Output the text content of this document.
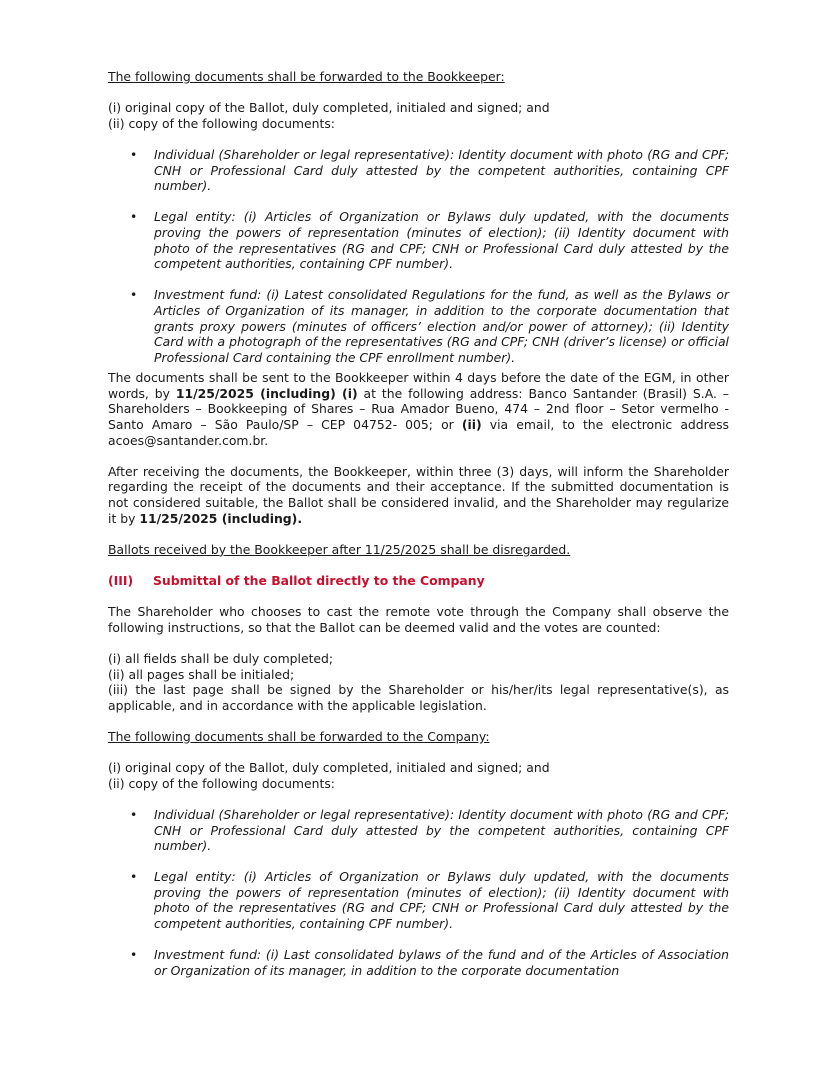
The following documents shall be forwarded to the Bookkeeper:
(i) original copy of the Ballot, duly completed, initialed and signed; and
(ii) copy of the following documents:
• Individual (Shareholder or legal representative): Identity document with photo (RG and CPF; CNH or Professional Card duly attested by the competent authorities, containing CPF number).
• Legal entity: (i) Articles of Organization or Bylaws duly updated, with the documents proving the powers of representation (minutes of election); (ii) Identity document with photo of the representatives (RG and CPF; CNH or Professional Card duly attested by the competent authorities, containing CPF number).
• Investment fund: (i) Latest consolidated Regulations for the fund, as well as the Bylaws or Articles of Organization of its manager, in addition to the corporate documentation that grants proxy powers (minutes of officers’ election and/or power of attorney); (ii) Identity Card with a photograph of the representatives (RG and CPF; CNH (driver’s license) or official Professional Card containing the CPF enrollment number).
The documents shall be sent to the Bookkeeper within 4 days before the date of the EGM, in other words, by 11/25/2025 (including) (i) at the following address: Banco Santander (Brasil) S.A. – Shareholders – Bookkeeping of Shares – Rua Amador Bueno, 474 – 2nd floor – Setor vermelho - Santo Amaro – São Paulo/SP – CEP 04752- 005; or (ii) via email, to the electronic address acoes@santander.com.br.
After receiving the documents, the Bookkeeper, within three (3) days, will inform the Shareholder regarding the receipt of the documents and their acceptance. If the submitted documentation is not considered suitable, the Ballot shall be considered invalid, and the Shareholder may regularize it by 11/25/2025 (including).
Ballots received by the Bookkeeper after 11/25/2025 shall be disregarded.
(III) Submittal of the Ballot directly to the Company
The Shareholder who chooses to cast the remote vote through the Company shall observe the following instructions, so that the Ballot can be deemed valid and the votes are counted:
(i) all fields shall be duly completed;
(ii) all pages shall be initialed;
(iii) the last page shall be signed by the Shareholder or his/her/its legal representative(s), as applicable, and in accordance with the applicable legislation.
The following documents shall be forwarded to the Company:
(i) original copy of the Ballot, duly completed, initialed and signed; and
(ii) copy of the following documents:
• Individual (Shareholder or legal representative): Identity document with photo (RG and CPF; CNH or Professional Card duly attested by the competent authorities, containing CPF number).
• Legal entity: (i) Articles of Organization or Bylaws duly updated, with the documents proving the powers of representation (minutes of election); (ii) Identity document with photo of the representatives (RG and CPF; CNH or Professional Card duly attested by the competent authorities, containing CPF number).
• Investment fund: (i) Last consolidated bylaws of the fund and of the Articles of Association or Organization of its manager, in addition to the corporate documentation
